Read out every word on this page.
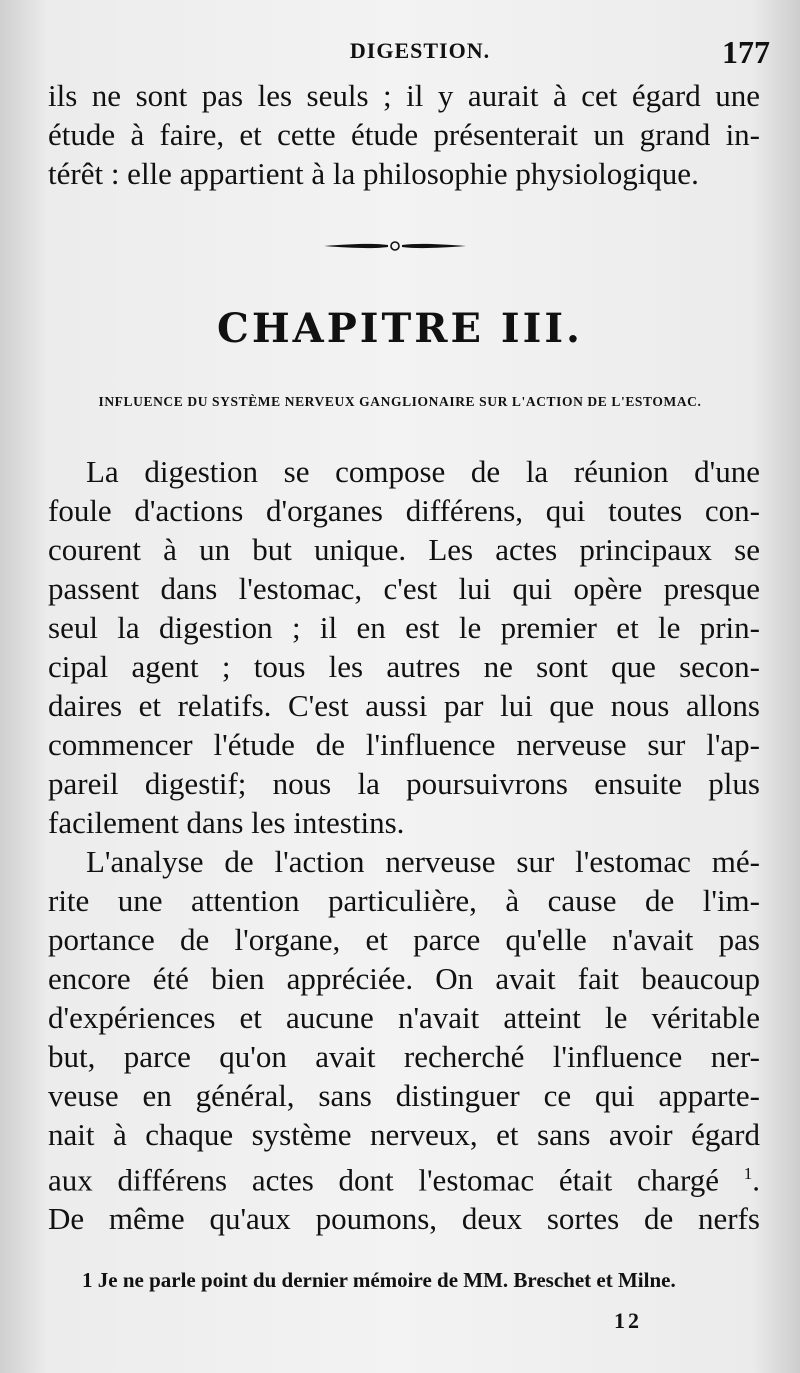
DIGESTION.	177
ils ne sont pas les seuls ; il y aurait à cet égard une
étude à faire, et cette étude présenterait un grand in-
térêt : elle appartient à la philosophie physiologique.
CHAPITRE III.
INFLUENCE DU SYSTÈME NERVEUX GANGLIONAIRE SUR L'ACTION DE L'ESTOMAC.
La digestion se compose de la réunion d'une
foule d'actions d'organes différens, qui toutes con-
courent à un but unique. Les actes principaux se
passent dans l'estomac, c'est lui qui opère presque
seul la digestion ; il en est le premier et le prin-
cipal agent ; tous les autres ne sont que secon-
daires et relatifs. C'est aussi par lui que nous allons
commencer l'étude de l'influence nerveuse sur l'ap-
pareil digestif; nous la poursuivrons ensuite plus
facilement dans les intestins.
L'analyse de l'action nerveuse sur l'estomac mé-
rite une attention particulière, à cause de l'im-
portance de l'organe, et parce qu'elle n'avait pas
encore été bien appréciée. On avait fait beaucoup
d'expériences et aucune n'avait atteint le véritable
but, parce qu'on avait recherché l'influence ner-
veuse en général, sans distinguer ce qui apparte-
nait à chaque système nerveux, et sans avoir égard
aux différens actes dont l'estomac était chargé $^1$.
De même qu'aux poumons, deux sortes de nerfs
1 Je ne parle point du dernier mémoire de MM. Breschet et Milne.
12
